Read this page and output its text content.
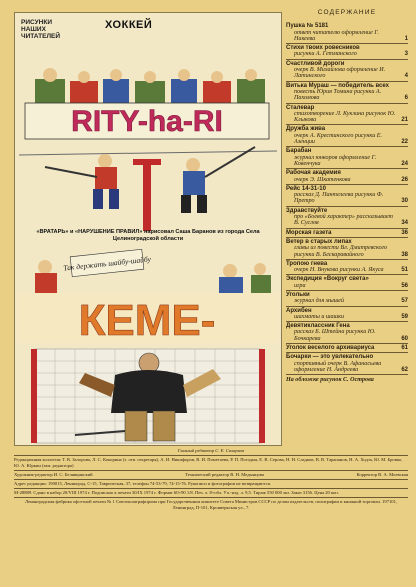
РИСУНКИ НАШИХ ЧИТАТЕЛЕЙ
ХОККЕЙ
RITY-ha-RI
«ВРАТАРЬ» и «НАРУШЕНИЕ ПРАВИЛ» нарисовал Саша Баранов из города Села Целиноградской области
Так держать шайбу-шайбу
КЕМЕ-
СОДЕРЖАНИЕ
Пушка № 5181
ответ читателю оформление Г. Никеева	1
Стихи твоих ровесников
рисунки А. Гетманского	3
Счастливой дороги
очерк В. Михайлова оформление И. Латинского	4
Витька Мураш — победитель всех
повесть Юрия Томина рисунки А. Пахомова	6
Сталевар
стихотворение Л. Куклина рисунок Ю. Клыкова	21
Дружба жива
очерк А. Крестинского рисунки Е. Азенции	22
Барабан
журнал юнкоров оформление Г. Ковенчука	24
Рабочая академия
очерк Э. Шкатенкова	26
Рейс 14-31-10
рассказ Д. Пантелеева рисунки Ф. Претро	30
Здравствуйте
про «Боевой характер» рассказывает В. Суслов	34
Морская газета	36
Ветер в старых липах
главы из повести Вл. Дмитревского рисунки В. Бескаравайного	38
Тропою гнева
очерк Н. Внукова рисунки А. Якуса	51
Экспедиция «Вокруг света»
игра	56
Угольки
журнал для мышей	57
Архибен
шахматы и шашки	59
Девятиклассник Гена
рассказ Б. Штейна рисунки Ю. Бочкарева	60
Уголок веселого архивариуса	61
Бочарки — это увлекательно
спортивный очерк В. Афанасьева оформление Н. Андреева	62
На обложке рисунок С. Острова
Главный редактор С. Е. Сахарнов
Редакционная коллегия: Т. В. Залорова, Л. С. Кокорина (з. отв. секретаря), А. И. Никифоров, В. И. Пометаева, Р. П. Погодин, Е. В. Серова, Н. Н. Сладков, В. В. Тарапанов, Н. А. Ходза, Ю. М. Бровко, Ю. А. Юркин (зам. редактора)
Художник-редактор И. С. Белявцинский	Технический редактор В. Н. Медынцова	Корректор В. А. Моевская
Адрес редакции: 190015, Ленинград, С-15, Таврическая, 37, телефон 74-53-79, 74-15-76. Рукописи и фотографии не возвращаются.
М-28889. Сдано в набор 20/VIII 1974 г. Подписано к печати 30/IX 1974 г. Формат 60×90 1/8. Печ. л. 8+обл. Уч.-изд. л. 9,5. Тираж 550 000 экз. Заказ 3156. Цена 20 коп.
Ленинградская фабрика офсетной печати № 1 Союзполиграфпрома при Государственном комитете Совета Министров СССР по делам издательств, полиграфии и книжной торговли. 197101, Ленинград, П-101, Кронверкская ул., 7.
